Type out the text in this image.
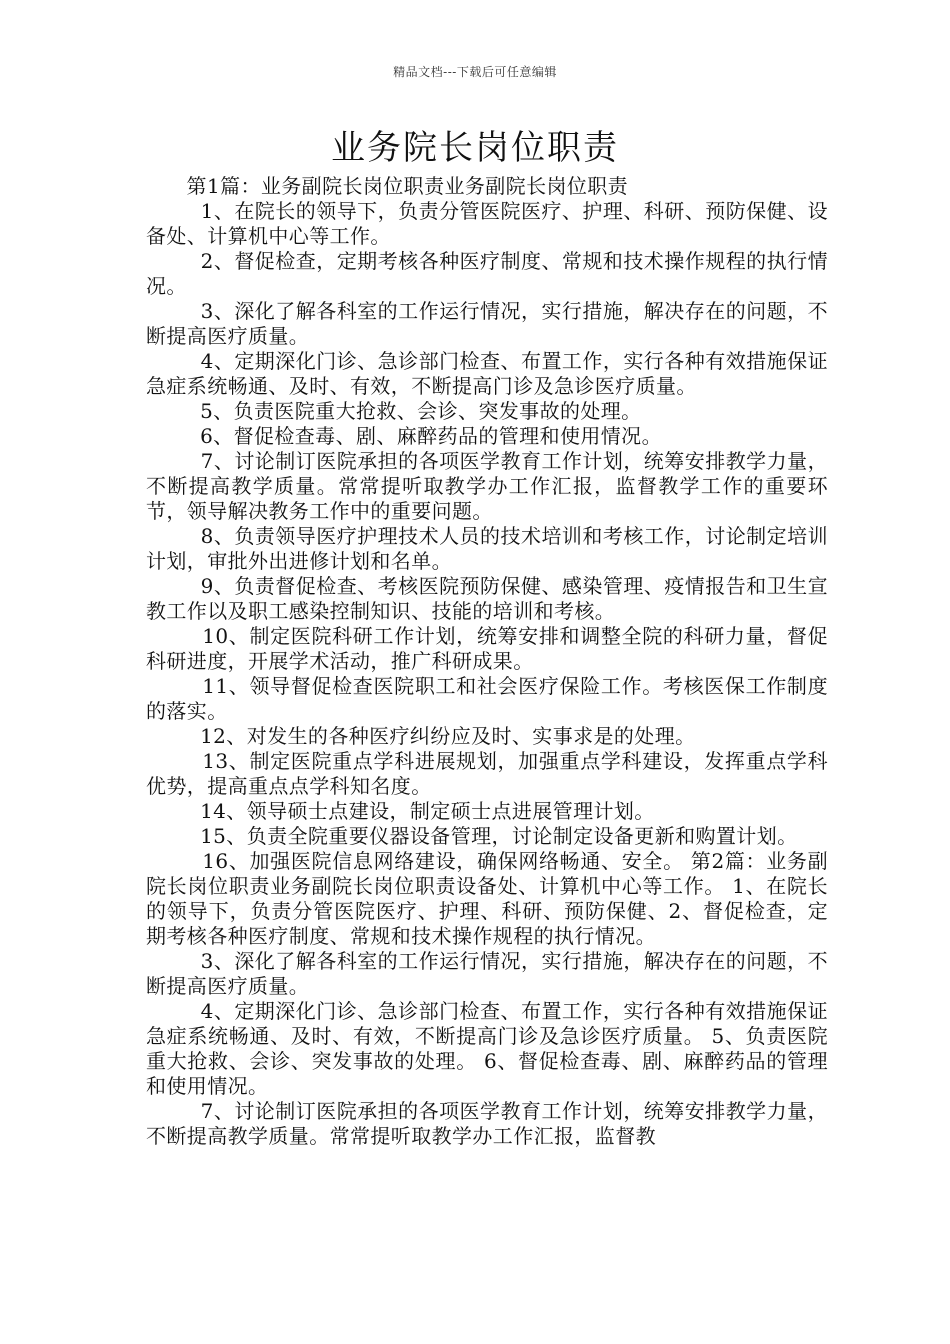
精品文档---下载后可任意编辑
业务院长岗位职责

第1篇：业务副院长岗位职责业务副院长岗位职责

1、在院长的领导下，负责分管医院医疗、护理、科研、预防保健、设备处、计算机中心等工作。

2、督促检查，定期考核各种医疗制度、常规和技术操作规程的执行情况。

3、深化了解各科室的工作运行情况，实行措施，解决存在的问题，不断提高医疗质量。

4、定期深化门诊、急诊部门检查、布置工作，实行各种有效措施保证急症系统畅通、及时、有效，不断提高门诊及急诊医疗质量。

5、负责医院重大抢救、会诊、突发事故的处理。

6、督促检查毒、剧、麻醉药品的管理和使用情况。

7、讨论制订医院承担的各项医学教育工作计划，统筹安排教学力量，不断提高教学质量。常常提听取教学办工作汇报，监督教学工作的重要环节，领导解决教务工作中的重要问题。

8、负责领导医疗护理技术人员的技术培训和考核工作，讨论制定培训计划，审批外出进修计划和名单。

9、负责督促检查、考核医院预防保健、感染管理、疫情报告和卫生宣教工作以及职工感染控制知识、技能的培训和考核。

10、制定医院科研工作计划，统筹安排和调整全院的科研力量，督促科研进度，开展学术活动，推广科研成果。

11、领导督促检查医院职工和社会医疗保险工作。考核医保工作制度的落实。

12、对发生的各种医疗纠纷应及时、实事求是的处理。

13、制定医院重点学科进展规划，加强重点学科建设，发挥重点学科优势，提高重点点学科知名度。

14、领导硕士点建设，制定硕士点进展管理计划。

15、负责全院重要仪器设备管理，讨论制定设备更新和购置计划。

16、加强医院信息网络建设，确保网络畅通、安全。 第2篇：业务副院长岗位职责业务副院长岗位职责设备处、计算机中心等工作。 1、在院长的领导下，负责分管医院医疗、护理、科研、预防保健、2、督促检查，定期考核各种医疗制度、常规和技术操作规程的执行情况。

3、深化了解各科室的工作运行情况，实行措施，解决存在的问题，不断提高医疗质量。

4、定期深化门诊、急诊部门检查、布置工作，实行各种有效措施保证急症系统畅通、及时、有效，不断提高门诊及急诊医疗质量。 5、负责医院重大抢救、会诊、突发事故的处理。 6、督促检查毒、剧、麻醉药品的管理和使用情况。

7、讨论制订医院承担的各项医学教育工作计划，统筹安排教学力量，不断提高教学质量。常常提听取教学办工作汇报，监督教
